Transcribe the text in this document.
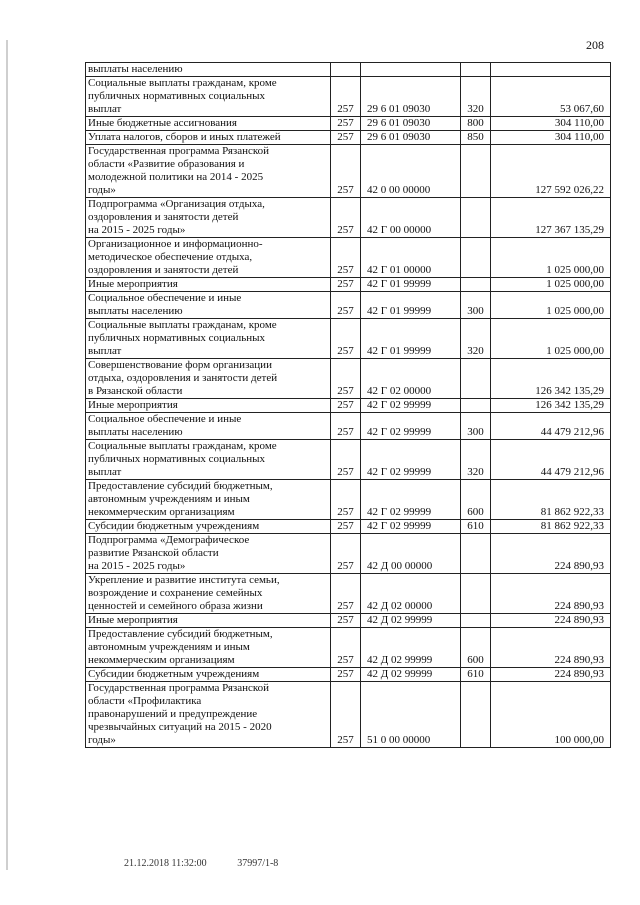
208
выплаты населению				

Социальные выплаты гражданам, кроме
публичных нормативных социальных
выплат	257	29 6 01 09030	320	53 067,60

Иные бюджетные ассигнования	257	29 6 01 09030	800	304 110,00

Уплата налогов, сборов и иных платежей	257	29 6 01 09030	850	304 110,00

Государственная программа Рязанской
области «Развитие образования и
молодежной политики на 2014 - 2025
годы»	257	42 0 00 00000		127 592 026,22

Подпрограмма «Организация отдыха,
оздоровления и занятости детей
на 2015 - 2025 годы»	257	42 Г 00 00000		127 367 135,29

Организационное и информационно-
методическое обеспечение отдыха,
оздоровления и занятости детей	257	42 Г 01 00000		1 025 000,00

Иные мероприятия	257	42 Г 01 99999		1 025 000,00

Социальное обеспечение и иные
выплаты населению	257	42 Г 01 99999	300	1 025 000,00

Социальные выплаты гражданам, кроме
публичных нормативных социальных
выплат	257	42 Г 01 99999	320	1 025 000,00

Совершенствование форм организации
отдыха, оздоровления и занятости детей
в Рязанской области	257	42 Г 02 00000		126 342 135,29

Иные мероприятия	257	42 Г 02 99999		126 342 135,29

Социальное обеспечение и иные
выплаты населению	257	42 Г 02 99999	300	44 479 212,96

Социальные выплаты гражданам, кроме
публичных нормативных социальных
выплат	257	42 Г 02 99999	320	44 479 212,96

Предоставление субсидий бюджетным,
автономным учреждениям и иным
некоммерческим организациям	257	42 Г 02 99999	600	81 862 922,33

Субсидии бюджетным учреждениям	257	42 Г 02 99999	610	81 862 922,33

Подпрограмма «Демографическое
развитие Рязанской области
на 2015 - 2025 годы»	257	42 Д 00 00000		224 890,93

Укрепление и развитие института семьи,
возрождение и сохранение семейных
ценностей и семейного образа жизни	257	42 Д 02 00000		224 890,93

Иные мероприятия	257	42 Д 02 99999		224 890,93

Предоставление субсидий бюджетным,
автономным учреждениям и иным
некоммерческим организациям	257	42 Д 02 99999	600	224 890,93

Субсидии бюджетным учреждениям	257	42 Д 02 99999	610	224 890,93

Государственная программа Рязанской
области «Профилактика
правонарушений и предупреждение
чрезвычайных ситуаций на 2015 - 2020
годы»	257	51 0 00 00000		100 000,00
21.12.2018 11:32:00	37997/1-8
